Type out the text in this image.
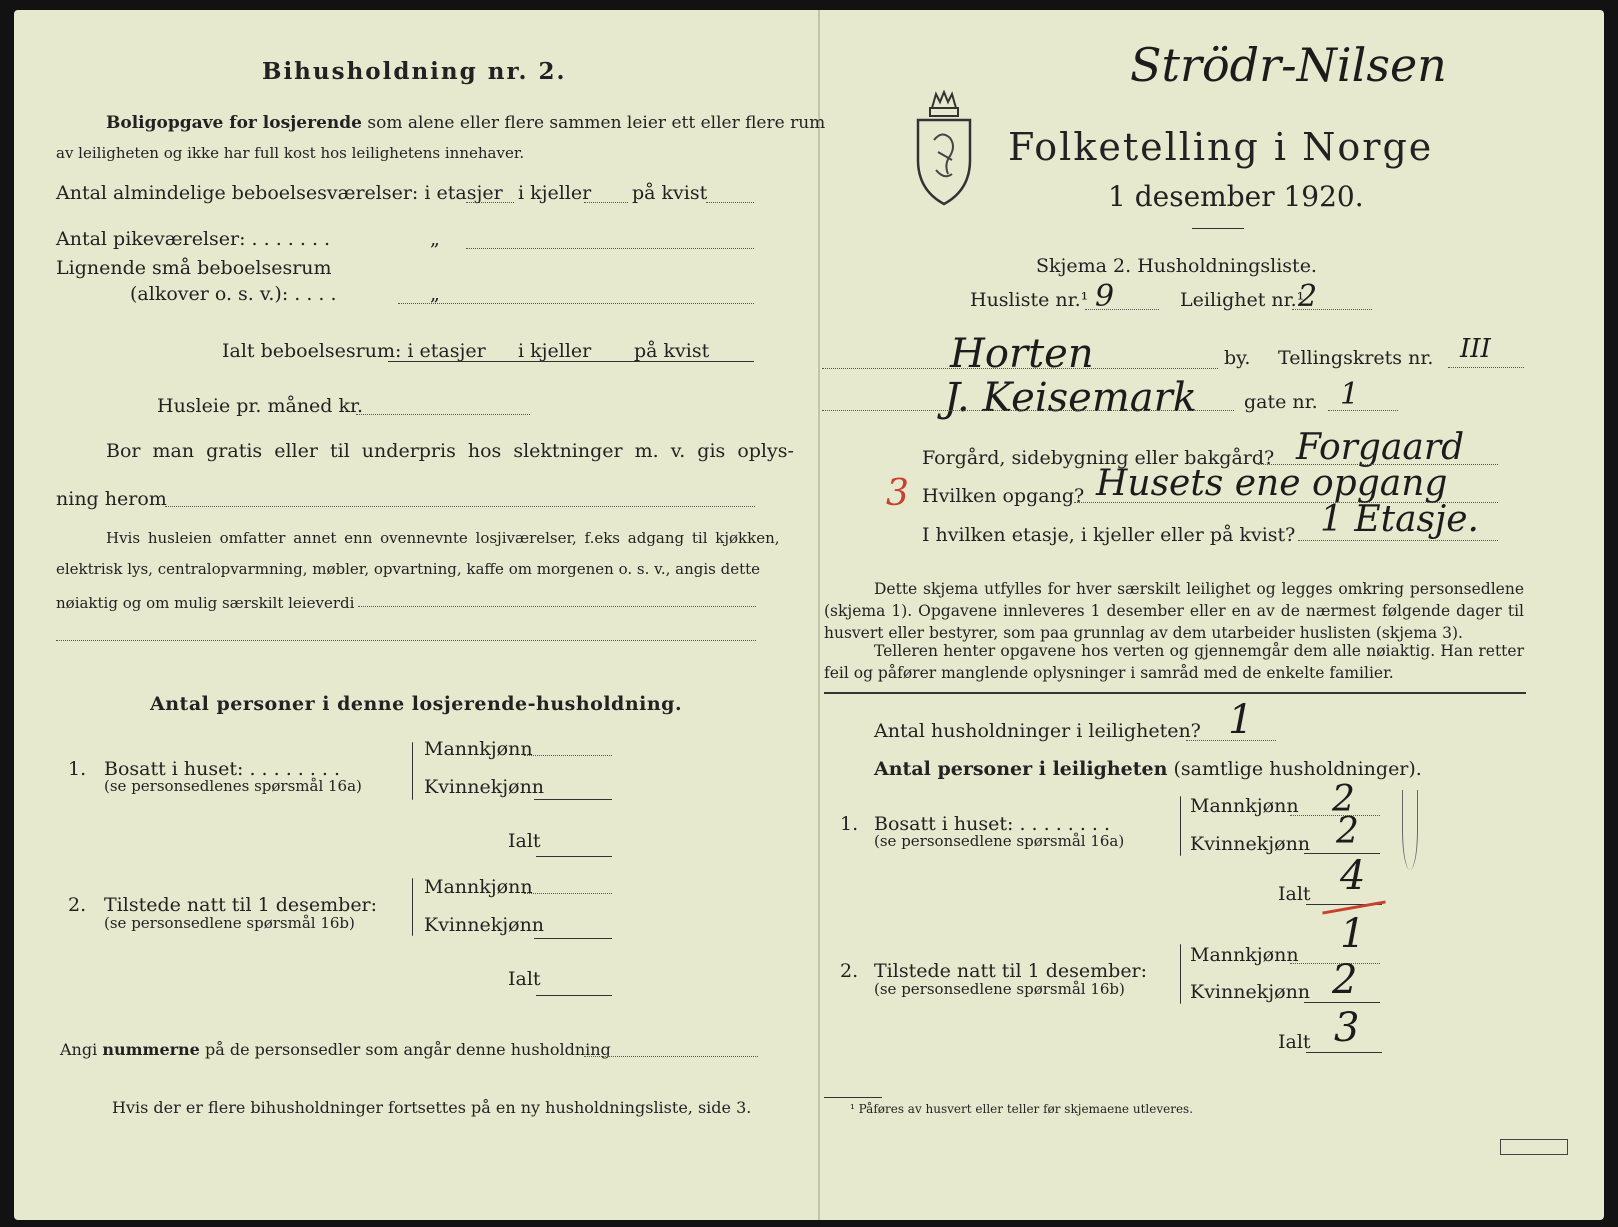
Bihusholdning nr. 2.
Boligopgave for losjerende som alene eller flere sammen leier ett eller flere rum
av leiligheten og ikke har full kost hos leilighetens innehaver.
Antal almindelige beboelsesværelser: i etasjer i kjeller på kvist
Antal pikeværelser: . . . . . . .	„
Lignende små beboelsesrum
(alkover o. s. v.): . . . .	„
Ialt beboelsesrum: i etasjer i kjeller på kvist
Husleie pr. måned kr.
Bor man gratis eller til underpris hos slektninger m. v. gis oplys-
ning herom
Hvis husleien omfatter annet enn ovennevnte losjiværelser, f.eks adgang til kjøkken,
elektrisk lys, centralopvarmning, møbler, opvartning, kaffe om morgenen o. s. v., angis dette
nøiaktig og om mulig særskilt leieverdi
Antal personer i denne losjerende-husholdning.
1. Bosatt i huset: . . . . . . . .
(se personsedlenes spørsmål 16a)
Mannkjønn
Kvinnekjønn
Ialt
2. Tilstede natt til 1 desember:
(se personsedlene spørsmål 16b)
Mannkjønn
Kvinnekjønn
Ialt
Angi nummerne på de personsedler som angår denne husholdning
Hvis der er flere bihusholdninger fortsettes på en ny husholdningsliste, side 3.
Strödr-Nilsen
Folketelling i Norge
1 desember 1920.
Skjema 2. Husholdningsliste.
Husliste nr.¹ 9	Leilighet nr.¹
2
Horten	by. Tellingskrets nr. III
J. Keisemark gate nr. 1
Forgård, sidebygning eller bakgård? Forgaard
3 Hvilken opgang? Husets ene opgang
I hvilken etasje, i kjeller eller på kvist? 1 Etasje.
Dette skjema utfylles for hver særskilt leilighet og legges omkring personsedlene (skjema 1). Opgavene innleveres 1 desember eller en av de nærmest følgende dager til husvert eller bestyrer, som paa grunnlag av dem utarbeider huslisten (skjema 3).
Telleren henter opgavene hos verten og gjennemgår dem alle nøiaktig. Han retter feil og påfører manglende oplysninger i samråd med de enkelte familier.
Antal husholdninger i leiligheten? 1
Antal personer i leiligheten (samtlige husholdninger).
1. Bosatt i huset: . . . . . . . .
(se personsedlene spørsmål 16a)
Mannkjønn 2
Kvinnekjønn 2
Ialt 4
2. Tilstede natt til 1 desember:
(se personsedlene spørsmål 16b)
Mannkjønn 1
Kvinnekjønn 2
Ialt 3
¹ Påføres av husvert eller teller før skjemaene utleveres.
